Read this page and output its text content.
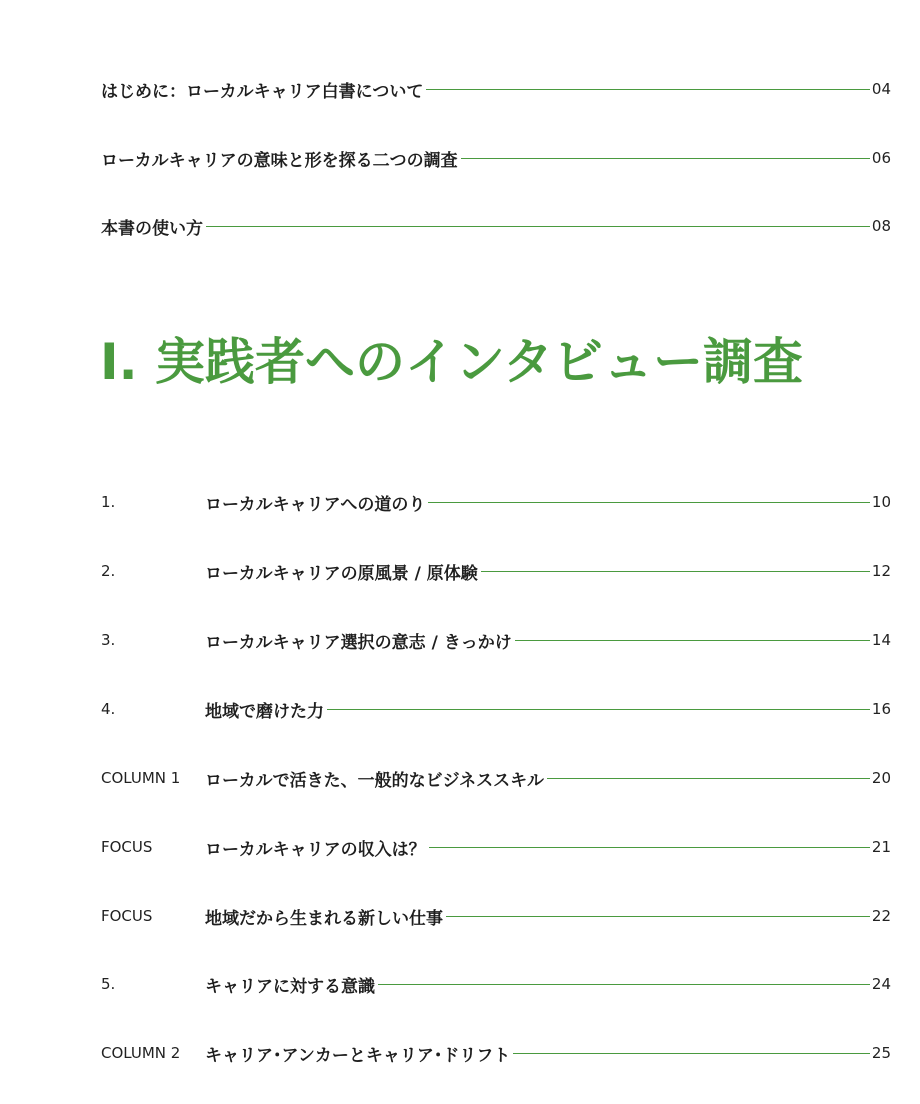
はじめに：ローカルキャリア白書について	04
ローカルキャリアの意味と形を探る二つの調査	06
本書の使い方	08
I. 実践者へのインタビュー調査
1.	ローカルキャリアへの道のり	10
2.	ローカルキャリアの原風景 / 原体験	12
3.	ローカルキャリア選択の意志 / きっかけ	14
4.	地域で磨けた力	16
COLUMN 1	ローカルで活きた、一般的なビジネススキル	20
FOCUS	ローカルキャリアの収入は？	21
FOCUS	地域だから生まれる新しい仕事	22
5.	キャリアに対する意識	24
COLUMN 2	キャリア･アンカーとキャリア･ドリフト	25
